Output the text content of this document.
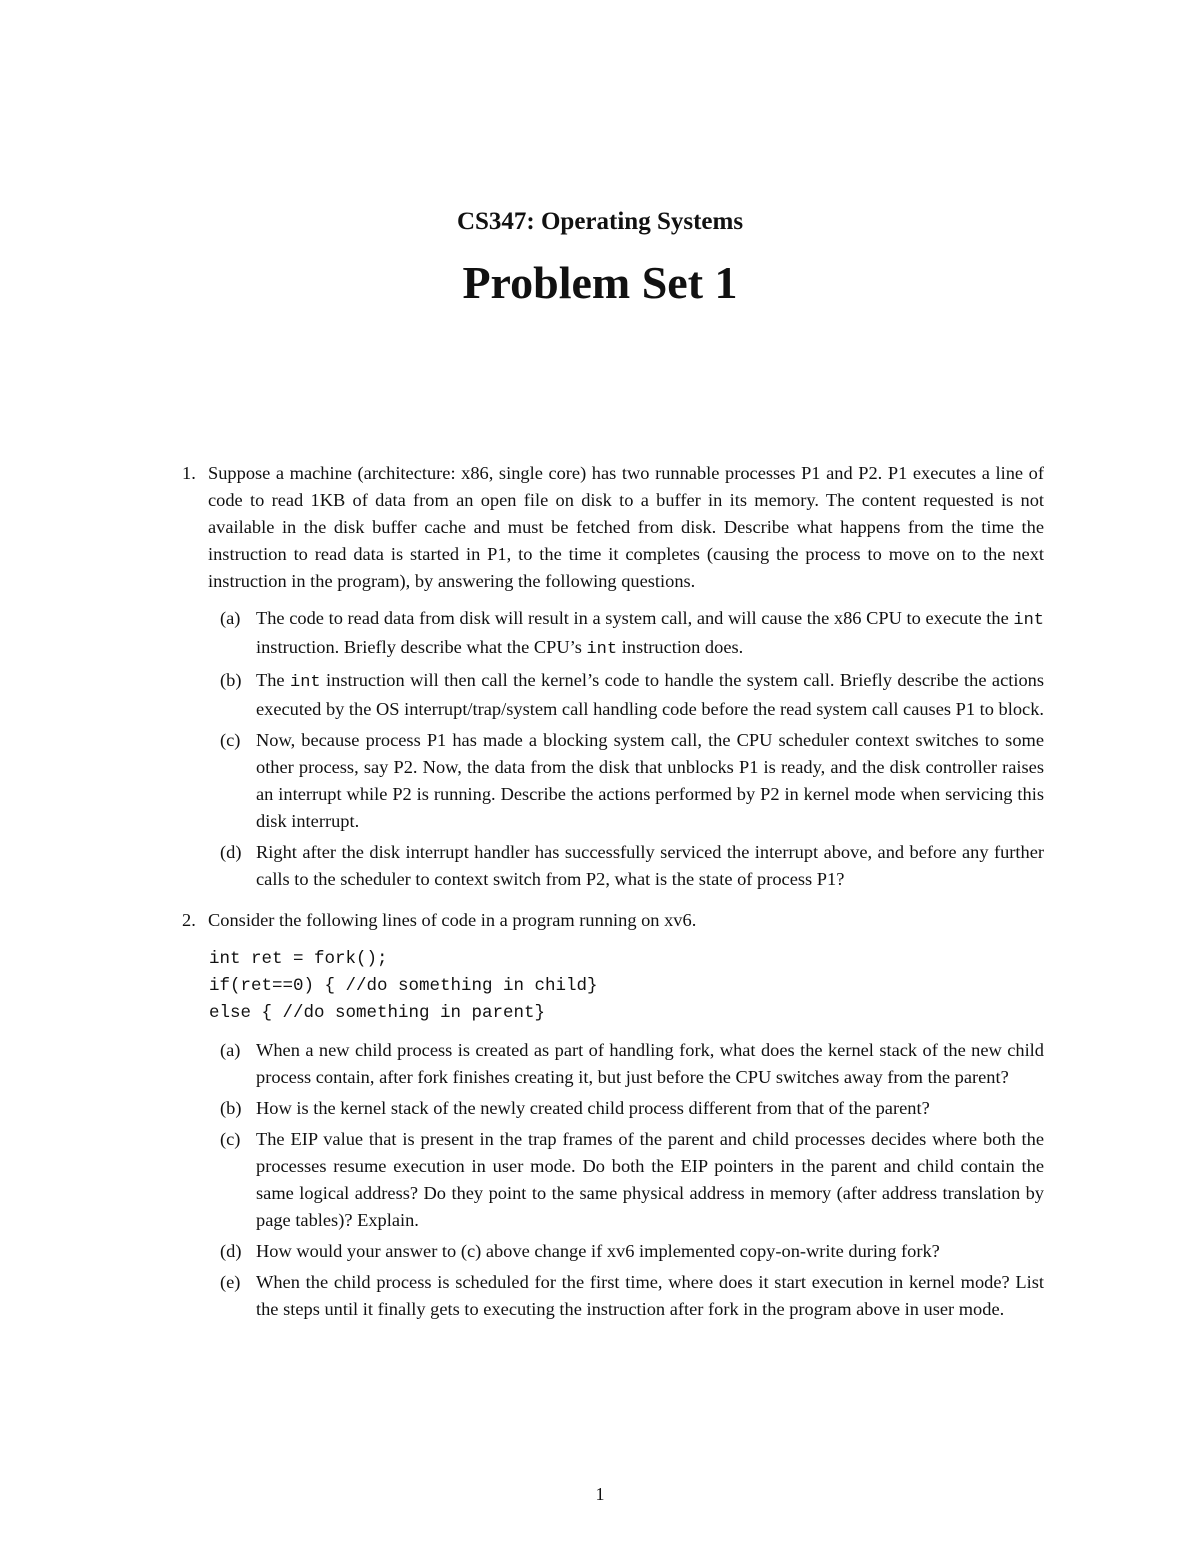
CS347: Operating Systems
Problem Set 1
1. Suppose a machine (architecture: x86, single core) has two runnable processes P1 and P2. P1 executes a line of code to read 1KB of data from an open file on disk to a buffer in its memory. The content requested is not available in the disk buffer cache and must be fetched from disk. Describe what happens from the time the instruction to read data is started in P1, to the time it completes (causing the process to move on to the next instruction in the program), by answering the following questions.
(a) The code to read data from disk will result in a system call, and will cause the x86 CPU to execute the int instruction. Briefly describe what the CPU’s int instruction does.
(b) The int instruction will then call the kernel’s code to handle the system call. Briefly describe the actions executed by the OS interrupt/trap/system call handling code before the read system call causes P1 to block.
(c) Now, because process P1 has made a blocking system call, the CPU scheduler context switches to some other process, say P2. Now, the data from the disk that unblocks P1 is ready, and the disk controller raises an interrupt while P2 is running. Describe the actions performed by P2 in kernel mode when servicing this disk interrupt.
(d) Right after the disk interrupt handler has successfully serviced the interrupt above, and before any further calls to the scheduler to context switch from P2, what is the state of process P1?
2. Consider the following lines of code in a program running on xv6.
int ret = fork();
if(ret==0) { //do something in child}
else { //do something in parent}
(a) When a new child process is created as part of handling fork, what does the kernel stack of the new child process contain, after fork finishes creating it, but just before the CPU switches away from the parent?
(b) How is the kernel stack of the newly created child process different from that of the parent?
(c) The EIP value that is present in the trap frames of the parent and child processes decides where both the processes resume execution in user mode. Do both the EIP pointers in the parent and child contain the same logical address? Do they point to the same physical address in memory (after address translation by page tables)? Explain.
(d) How would your answer to (c) above change if xv6 implemented copy-on-write during fork?
(e) When the child process is scheduled for the first time, where does it start execution in kernel mode? List the steps until it finally gets to executing the instruction after fork in the program above in user mode.
1
